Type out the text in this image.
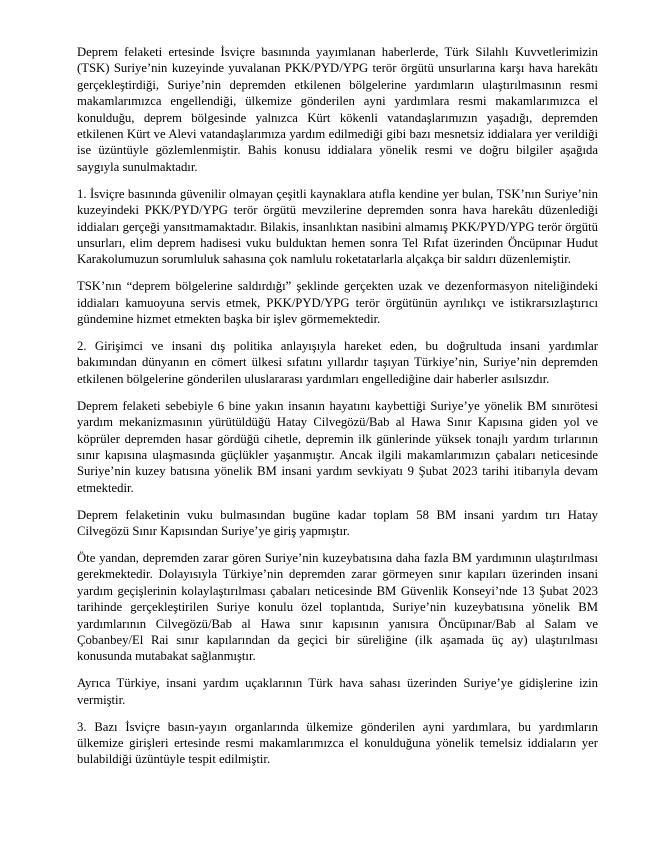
Deprem felaketi ertesinde İsviçre basınında yayımlanan haberlerde, Türk Silahlı Kuvvetlerimizin (TSK) Suriye’nin kuzeyinde yuvalanan PKK/PYD/YPG terör örgütü unsurlarına karşı hava harekâtı gerçekleştirdiği, Suriye’nin depremden etkilenen bölgelerine yardımların ulaştırılmasının resmi makamlarımızca engellendiği, ülkemize gönderilen ayni yardımlara resmi makamlarımızca el konulduğu, deprem bölgesinde yalnızca Kürt kökenli vatandaşlarımızın yaşadığı, depremden etkilenen Kürt ve Alevi vatandaşlarımıza yardım edilmediği gibi bazı mesnetsiz iddialara yer verildiği ise üzüntüyle gözlemlenmiştir. Bahis konusu iddialara yönelik resmi ve doğru bilgiler aşağıda saygıyla sunulmaktadır.

1. İsviçre basınında güvenilir olmayan çeşitli kaynaklara atıfla kendine yer bulan, TSK’nın Suriye’nin kuzeyindeki PKK/PYD/YPG terör örgütü mevzilerine depremden sonra hava harekâtı düzenlediği iddiaları gerçeği yansıtmamaktadır. Bilakis, insanlıktan nasibini almamış PKK/PYD/YPG terör örgütü unsurları, elim deprem hadisesi vuku bulduktan hemen sonra Tel Rıfat üzerinden Öncüpınar Hudut Karakolumuzun sorumluluk sahasına çok namlulu roketatarlarla alçakça bir saldırı düzenlemiştir.

TSK’nın “deprem bölgelerine saldırdığı” şeklinde gerçekten uzak ve dezenformasyon niteliğindeki iddiaları kamuoyuna servis etmek, PKK/PYD/YPG terör örgütünün ayrılıkçı ve istikrarsızlaştırıcı gündemine hizmet etmekten başka bir işlev görmemektedir.

2. Girişimci ve insani dış politika anlayışıyla hareket eden, bu doğrultuda insani yardımlar bakımından dünyanın en cömert ülkesi sıfatını yıllardır taşıyan Türkiye’nin, Suriye’nin depremden etkilenen bölgelerine gönderilen uluslararası yardımları engellediğine dair haberler asılsızdır.

Deprem felaketi sebebiyle 6 bine yakın insanın hayatını kaybettiği Suriye’ye yönelik BM sınırötesi yardım mekanizmasının yürütüldüğü Hatay Cilvegözü/Bab al Hawa Sınır Kapısına giden yol ve köprüler depremden hasar gördüğü cihetle, depremin ilk günlerinde yüksek tonajlı yardım tırlarının sınır kapısına ulaşmasında güçlükler yaşanmıştır. Ancak ilgili makamlarımızın çabaları neticesinde Suriye’nin kuzey batısına yönelik BM insani yardım sevkiyatı 9 Şubat 2023 tarihi itibarıyla devam etmektedir.

Deprem felaketinin vuku bulmasından bugüne kadar toplam 58 BM insani yardım tırı Hatay Cilvegözü Sınır Kapısından Suriye’ye giriş yapmıştır.

Öte yandan, depremden zarar gören Suriye’nin kuzeybatısına daha fazla BM yardımının ulaştırılması gerekmektedir. Dolayısıyla Türkiye’nin depremden zarar görmeyen sınır kapıları üzerinden insani yardım geçişlerinin kolaylaştırılması çabaları neticesinde BM Güvenlik Konseyi’nde 13 Şubat 2023 tarihinde gerçekleştirilen Suriye konulu özel toplantıda, Suriye’nin kuzeybatısına yönelik BM yardımlarının Cilvegözü/Bab al Hawa sınır kapısının yanısıra Öncüpınar/Bab al Salam ve Çobanbey/El Rai sınır kapılarından da geçici bir süreliğine (ilk aşamada üç ay) ulaştırılması konusunda mutabakat sağlanmıştır.

Ayrıca Türkiye, insani yardım uçaklarının Türk hava sahası üzerinden Suriye’ye gidişlerine izin vermiştir.

3. Bazı İsviçre basın-yayın organlarında ülkemize gönderilen ayni yardımlara, bu yardımların ülkemize girişleri ertesinde resmi makamlarımızca el konulduğuna yönelik temelsiz iddiaların yer bulabildiği üzüntüyle tespit edilmiştir.
